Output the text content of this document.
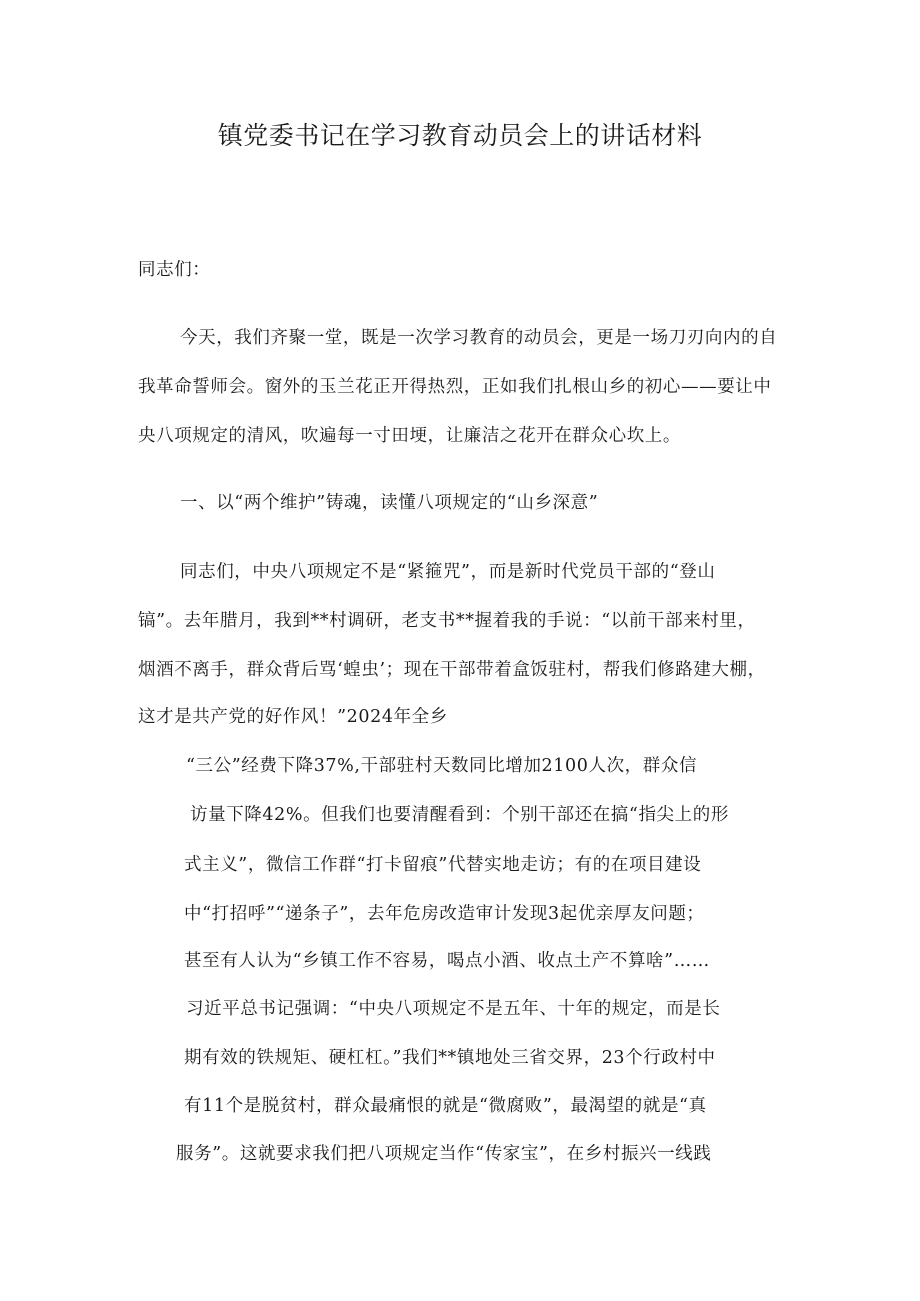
镇党委书记在学习教育动员会上的讲话材料
同志们：
今天，我们齐聚一堂，既是一次学习教育的动员会，更是一场刀刃向内的自
我革命誓师会。窗外的玉兰花正开得热烈，正如我们扎根山乡的初心——要让中
央八项规定的清风，吹遍每一寸田埂，让廉洁之花开在群众心坎上。
一、以“两个维护”铸魂，读懂八项规定的“山乡深意”
同志们，中央八项规定不是“紧箍咒”，而是新时代党员干部的“登山
镐”。去年腊月，我到**村调研，老支书**握着我的手说：“以前干部来村里，
烟酒不离手，群众背后骂‘蝗虫’；现在干部带着盒饭驻村，帮我们修路建大棚，
这才是共产党的好作风！”2024年全乡
“三公”经费下降37%,干部驻村天数同比增加2100人次，群众信
访量下降42%。但我们也要清醒看到：个别干部还在搞“指尖上的形
式主义”，微信工作群“打卡留痕”代替实地走访；有的在项目建设
中“打招呼”“递条子”，去年危房改造审计发现3起优亲厚友问题；
甚至有人认为“乡镇工作不容易，喝点小酒、收点土产不算啥”……
习近平总书记强调：“中央八项规定不是五年、十年的规定，而是长
期有效的铁规矩、硬杠杠。”我们**镇地处三省交界，23个行政村中
有11个是脱贫村，群众最痛恨的就是“微腐败”，最渴望的就是“真
服务”。这就要求我们把八项规定当作“传家宝”，在乡村振兴一线践
